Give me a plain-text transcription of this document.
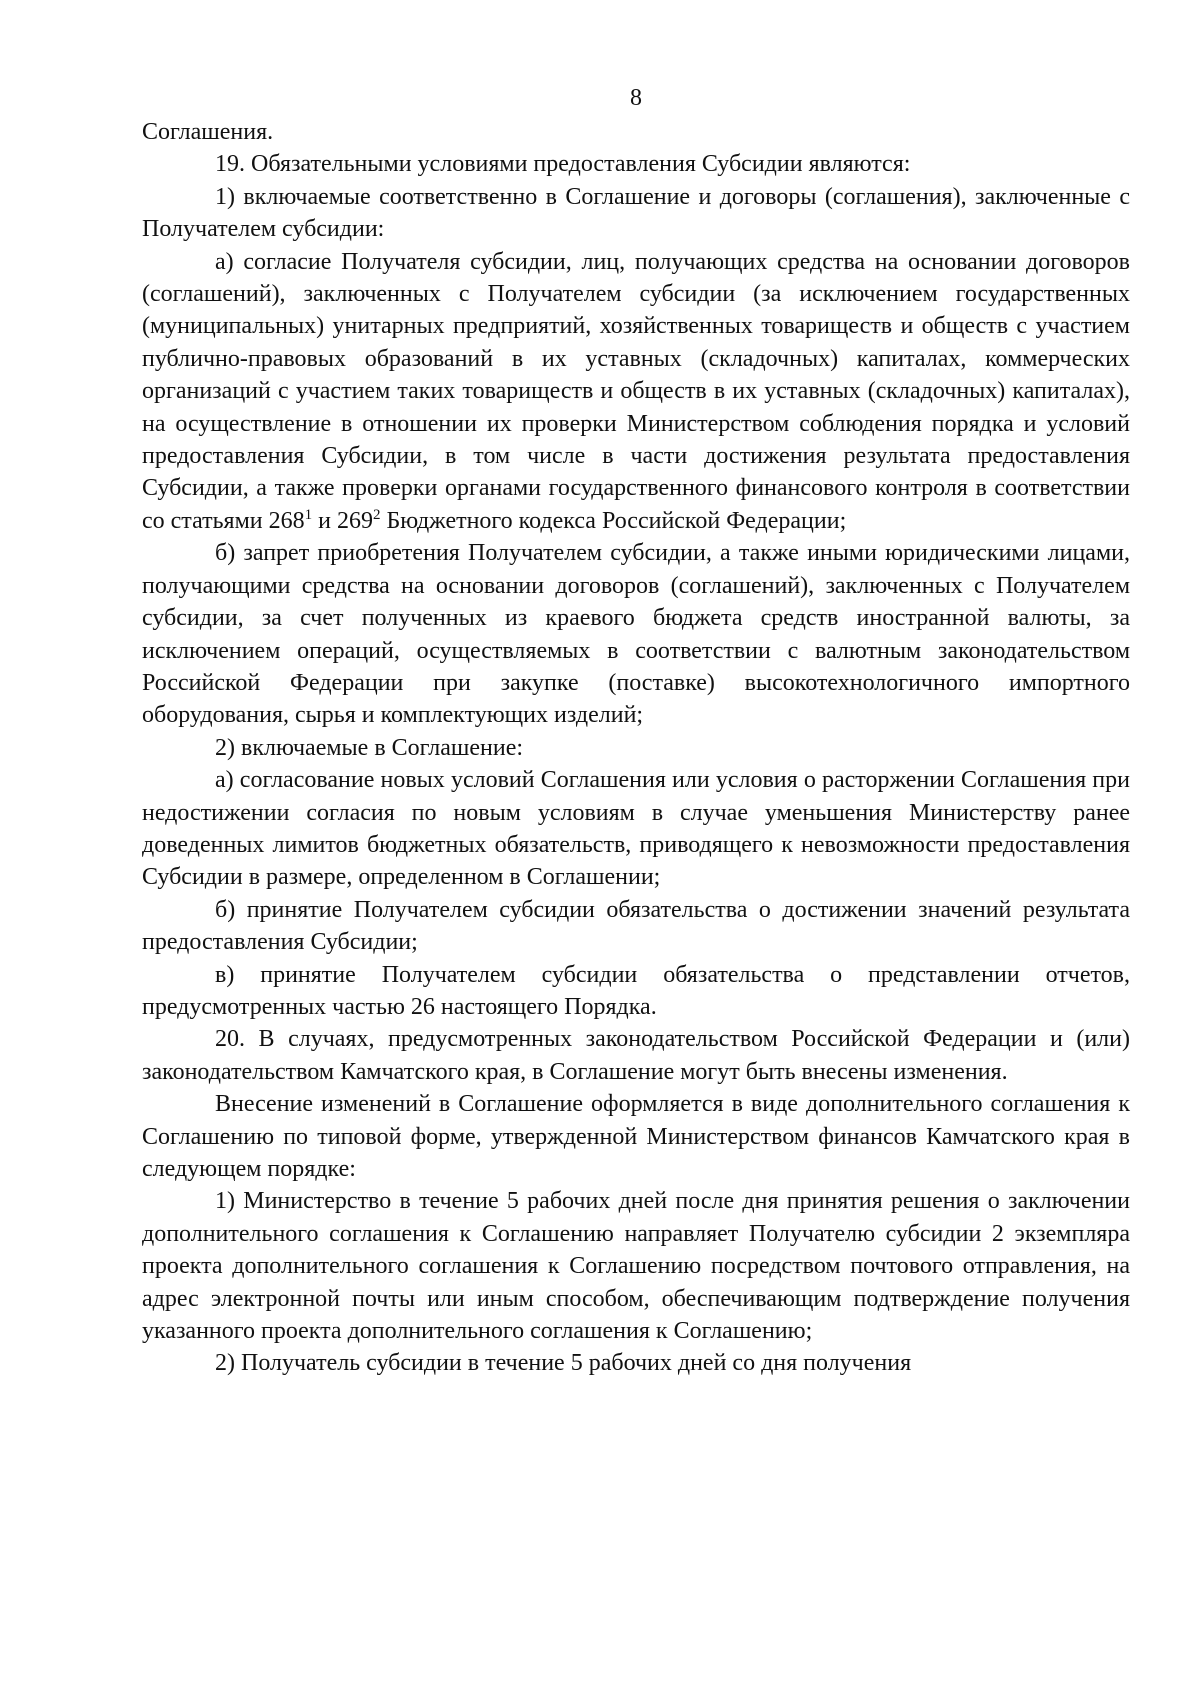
8

Соглашения.

19. Обязательными условиями предоставления Субсидии являются:

1) включаемые соответственно в Соглашение и договоры (соглашения), заключенные с Получателем субсидии:

а) согласие Получателя субсидии, лиц, получающих средства на основании договоров (соглашений), заключенных с Получателем субсидии (за исключением государственных (муниципальных) унитарных предприятий, хозяйственных товариществ и обществ с участием публично-правовых образований в их уставных (складочных) капиталах, коммерческих организаций с участием таких товариществ и обществ в их уставных (складочных) капиталах), на осуществление в отношении их проверки Министерством соблюдения порядка и условий предоставления Субсидии, в том числе в части достижения результата предоставления Субсидии, а также проверки органами государственного финансового контроля в соответствии со статьями $268^1$ и $269^2$ Бюджетного кодекса Российской Федерации;

б) запрет приобретения Получателем субсидии, а также иными юридическими лицами, получающими средства на основании договоров (соглашений), заключенных с Получателем субсидии, за счет полученных из краевого бюджета средств иностранной валюты, за исключением операций, осуществляемых в соответствии с валютным законодательством Российской Федерации при закупке (поставке) высокотехнологичного импортного оборудования, сырья и комплектующих изделий;

2) включаемые в Соглашение:

а) согласование новых условий Соглашения или условия о расторжении Соглашения при недостижении согласия по новым условиям в случае уменьшения Министерству ранее доведенных лимитов бюджетных обязательств, приводящего к невозможности предоставления Субсидии в размере, определенном в Соглашении;

б) принятие Получателем субсидии обязательства о достижении значений результата предоставления Субсидии;

в) принятие Получателем субсидии обязательства о представлении отчетов, предусмотренных частью 26 настоящего Порядка.

20. В случаях, предусмотренных законодательством Российской Федерации и (или) законодательством Камчатского края, в Соглашение могут быть внесены изменения.

Внесение изменений в Соглашение оформляется в виде дополнительного соглашения к Соглашению по типовой форме, утвержденной Министерством финансов Камчатского края в следующем порядке:

1) Министерство в течение 5 рабочих дней после дня принятия решения о заключении дополнительного соглашения к Соглашению направляет Получателю субсидии 2 экземпляра проекта дополнительного соглашения к Соглашению посредством почтового отправления, на адрес электронной почты или иным способом, обеспечивающим подтверждение получения указанного проекта дополнительного соглашения к Соглашению;

2) Получатель субсидии в течение 5 рабочих дней со дня получения
